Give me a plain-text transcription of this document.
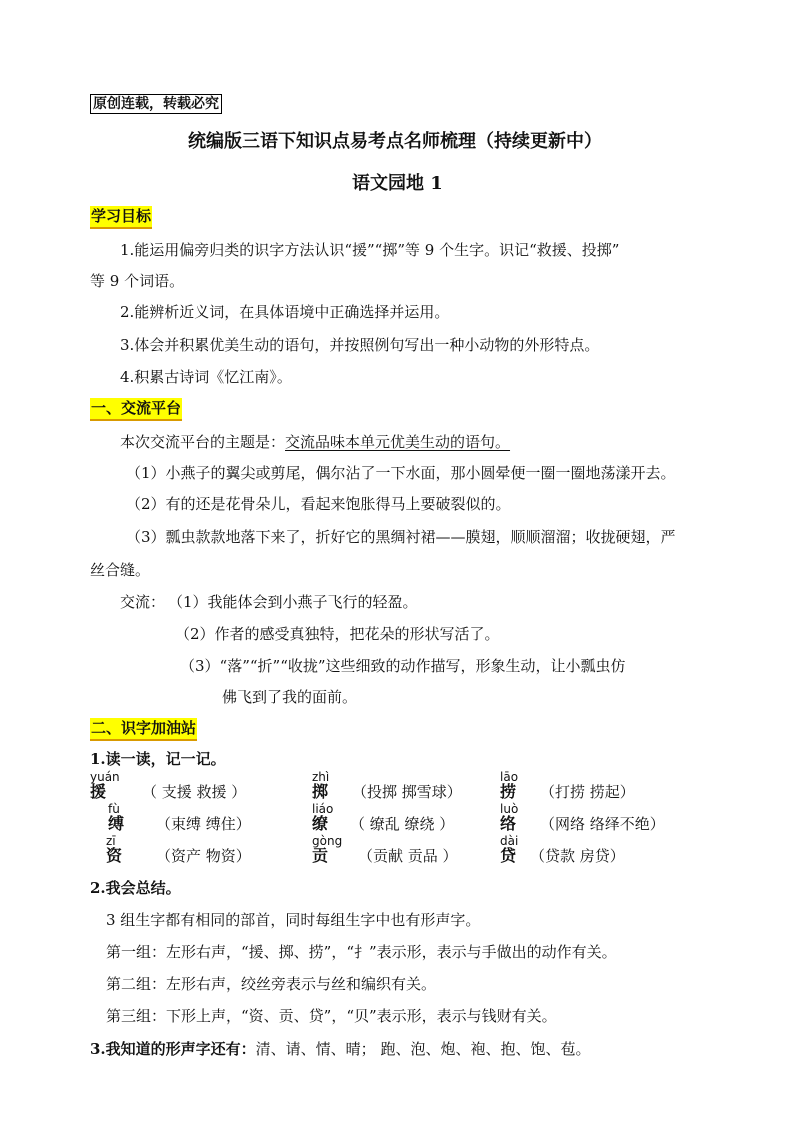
原创连载，转载必究
统编版三语下知识点易考点名师梳理（持续更新中）
语文园地 1
学习目标
1.能运用偏旁归类的识字方法认识“援”“掷”等 9 个生字。识记“救援、投掷”
等 9 个词语。
2.能辨析近义词，在具体语境中正确选择并运用。
3.体会并积累优美生动的语句，并按照例句写出一种小动物的外形特点。
4.积累古诗词《忆江南》。
一、交流平台
本次交流平台的主题是：交流品味本单元优美生动的语句。
（1）小燕子的翼尖或剪尾，偶尔沾了一下水面，那小圆晕便一圈一圈地荡漾开去。
（2）有的还是花骨朵儿，看起来饱胀得马上要破裂似的。
（3）瓢虫款款地落下来了，折好它的黑绸衬裙——膜翅，顺顺溜溜；收拢硬翅，严
丝合缝。
交流： （1）我能体会到小燕子飞行的轻盈。
（2）作者的感受真独特，把花朵的形状写活了。
（3）“落”“折”“收拢”这些细致的动作描写，形象生动，让小瓢虫仿
佛飞到了我的面前。
二、识字加油站
1.读一读，记一记。
yuán
援 （ 支援 救援 ）
zhì
掷 （投掷 掷雪球）
lāo
捞 （打捞 捞起）
fù
缚 （束缚 缚住）
liáo
缭 （ 缭乱 缭绕 ）
luò
络 （网络 络绎不绝）
zī
资 （资产 物资）
gòng
贡 （贡献 贡品 ）
dài
贷 （贷款 房贷）
2.我会总结。
3 组生字都有相同的部首，同时每组生字中也有形声字。
第一组：左形右声，“援、掷、捞”，“扌”表示形，表示与手做出的动作有关。
第二组：左形右声，绞丝旁表示与丝和编织有关。
第三组：下形上声，“资、贡、贷”，“贝”表示形，表示与钱财有关。
3.我知道的形声字还有：清、请、情、晴； 跑、泡、炮、袍、抱、饱、苞。
